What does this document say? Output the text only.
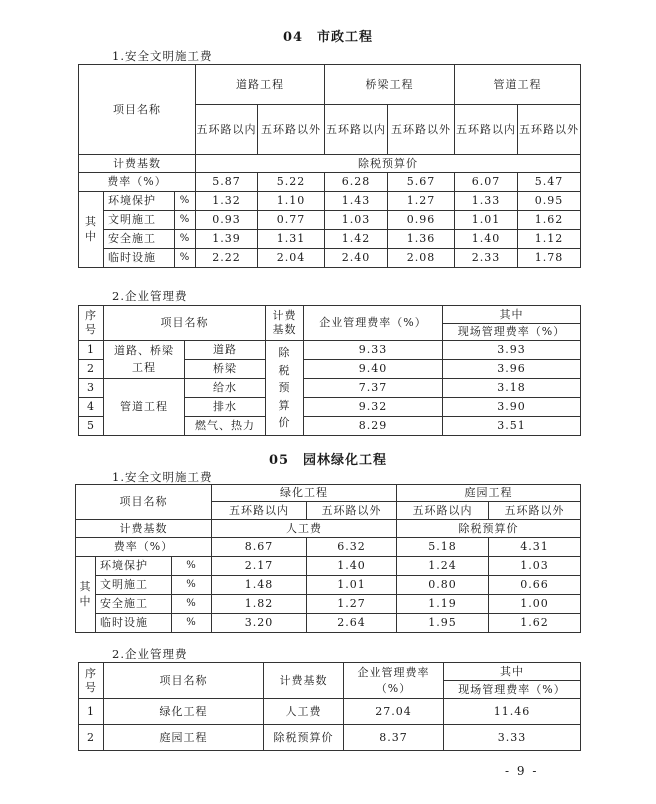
04　市政工程
1.安全文明施工费
项目名称			道路工程		桥梁工程		管道工程	
			五环路以内	五环路以外	五环路以内	五环路以外	五环路以内	五环路以外
计费基数			除税预算价					
费率（%）			5.87	5.22	6.28	5.67	6.07	5.47

其中	环境保护	%	1.32	1.10	1.43	1.27	1.33	0.95
	文明施工	%	0.93	0.77	1.03	0.96	1.01	1.62
	安全施工	%	1.39	1.31	1.42	1.36	1.40	1.12
	临时设施	%	2.22	2.04	2.40	2.08	2.33	1.78
2.企业管理费
序号	项目名称		计费基数	企业管理费率（%）	其中
					现场管理费率（%）
1	道路、桥梁工程	道路	除税预算价	9.33	3.93
2		桥梁		9.40	3.96
3	管道工程	给水		7.37	3.18
4		排水		9.32	3.90
5		燃气、热力		8.29	3.51
05　园林绿化工程
1.安全文明施工费
项目名称			绿化工程		庭园工程	
			五环路以内	五环路以外	五环路以内	五环路以外
计费基数			人工费		除税预算价	
费率（%）			8.67	6.32	5.18	4.31

其中	环境保护	%	2.17	1.40	1.24	1.03
	文明施工	%	1.48	1.01	0.80	0.66
	安全施工	%	1.82	1.27	1.19	1.00
	临时设施	%	3.20	2.64	1.95	1.62
2.企业管理费
序号	项目名称	计费基数	企业管理费率（%）	其中
				现场管理费率（%）
1	绿化工程	人工费	27.04	11.46
2	庭园工程	除税预算价	8.37	3.33
- 9 -
